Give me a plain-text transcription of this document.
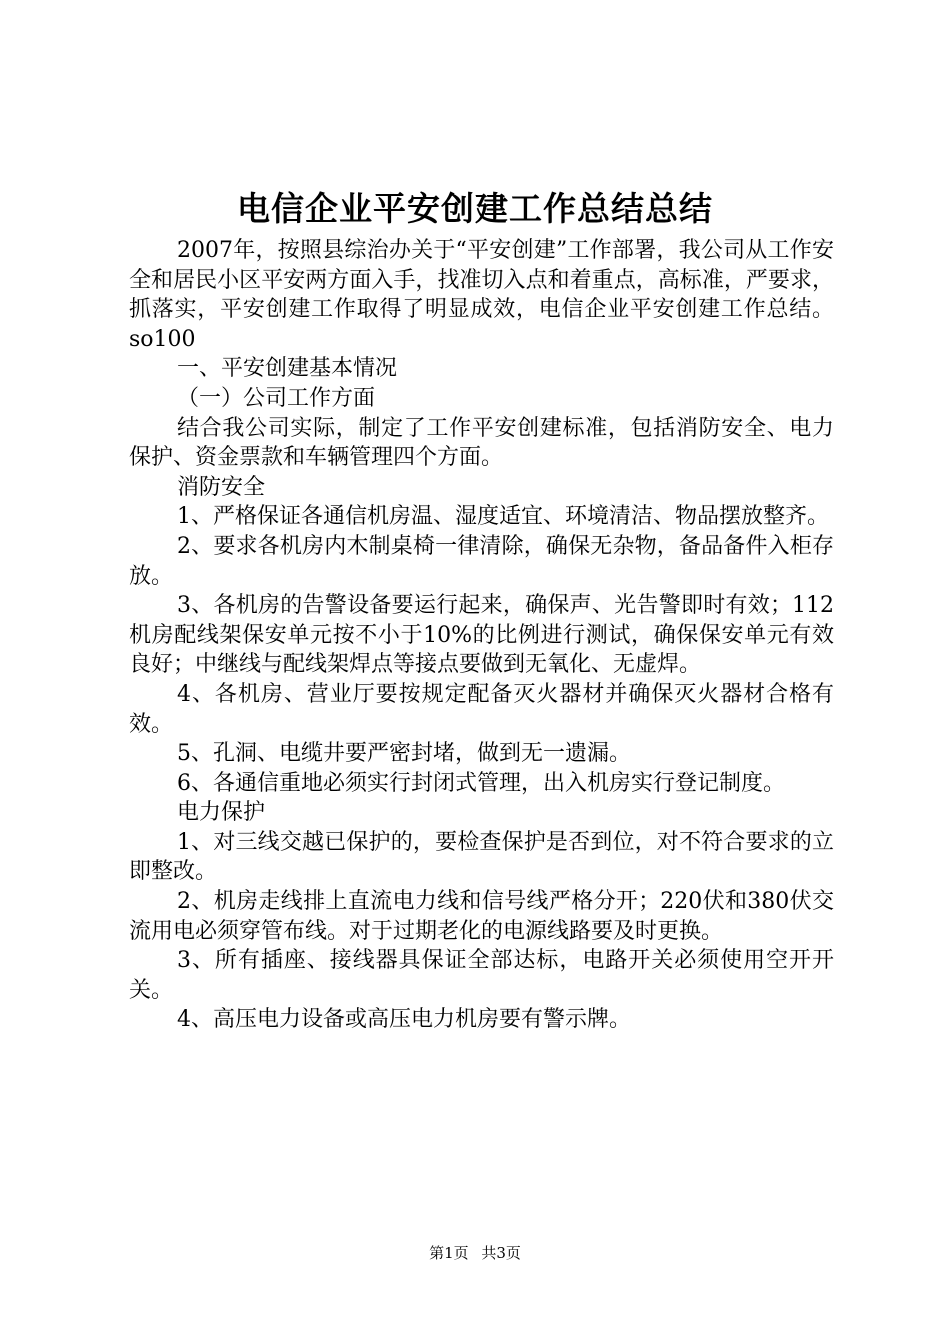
电信企业平安创建工作总结总结

2007年，按照县综治办关于“平安创建”工作部署，我公司从工作安全和居民小区平安两方面入手，找准切入点和着重点，高标准，严要求，抓落实，平安创建工作取得了明显成效，电信企业平安创建工作总结。so100

一、平安创建基本情况

（一）公司工作方面

结合我公司实际，制定了工作平安创建标准，包括消防安全、电力保护、资金票款和车辆管理四个方面。

消防安全

1、严格保证各通信机房温、湿度适宜、环境清洁、物品摆放整齐。

2、要求各机房内木制桌椅一律清除，确保无杂物，备品备件入柜存放。

3、各机房的告警设备要运行起来，确保声、光告警即时有效；112机房配线架保安单元按不小于10%的比例进行测试，确保保安单元有效良好；中继线与配线架焊点等接点要做到无氧化、无虚焊。

4、各机房、营业厅要按规定配备灭火器材并确保灭火器材合格有效。

5、孔洞、电缆井要严密封堵，做到无一遗漏。

6、各通信重地必须实行封闭式管理，出入机房实行登记制度。

电力保护

1、对三线交越已保护的，要检查保护是否到位，对不符合要求的立即整改。

2、机房走线排上直流电力线和信号线严格分开；220伏和380伏交流用电必须穿管布线。对于过期老化的电源线路要及时更换。

3、所有插座、接线器具保证全部达标，电路开关必须使用空开开关。

4、高压电力设备或高压电力机房要有警示牌。

第1页 共3页
